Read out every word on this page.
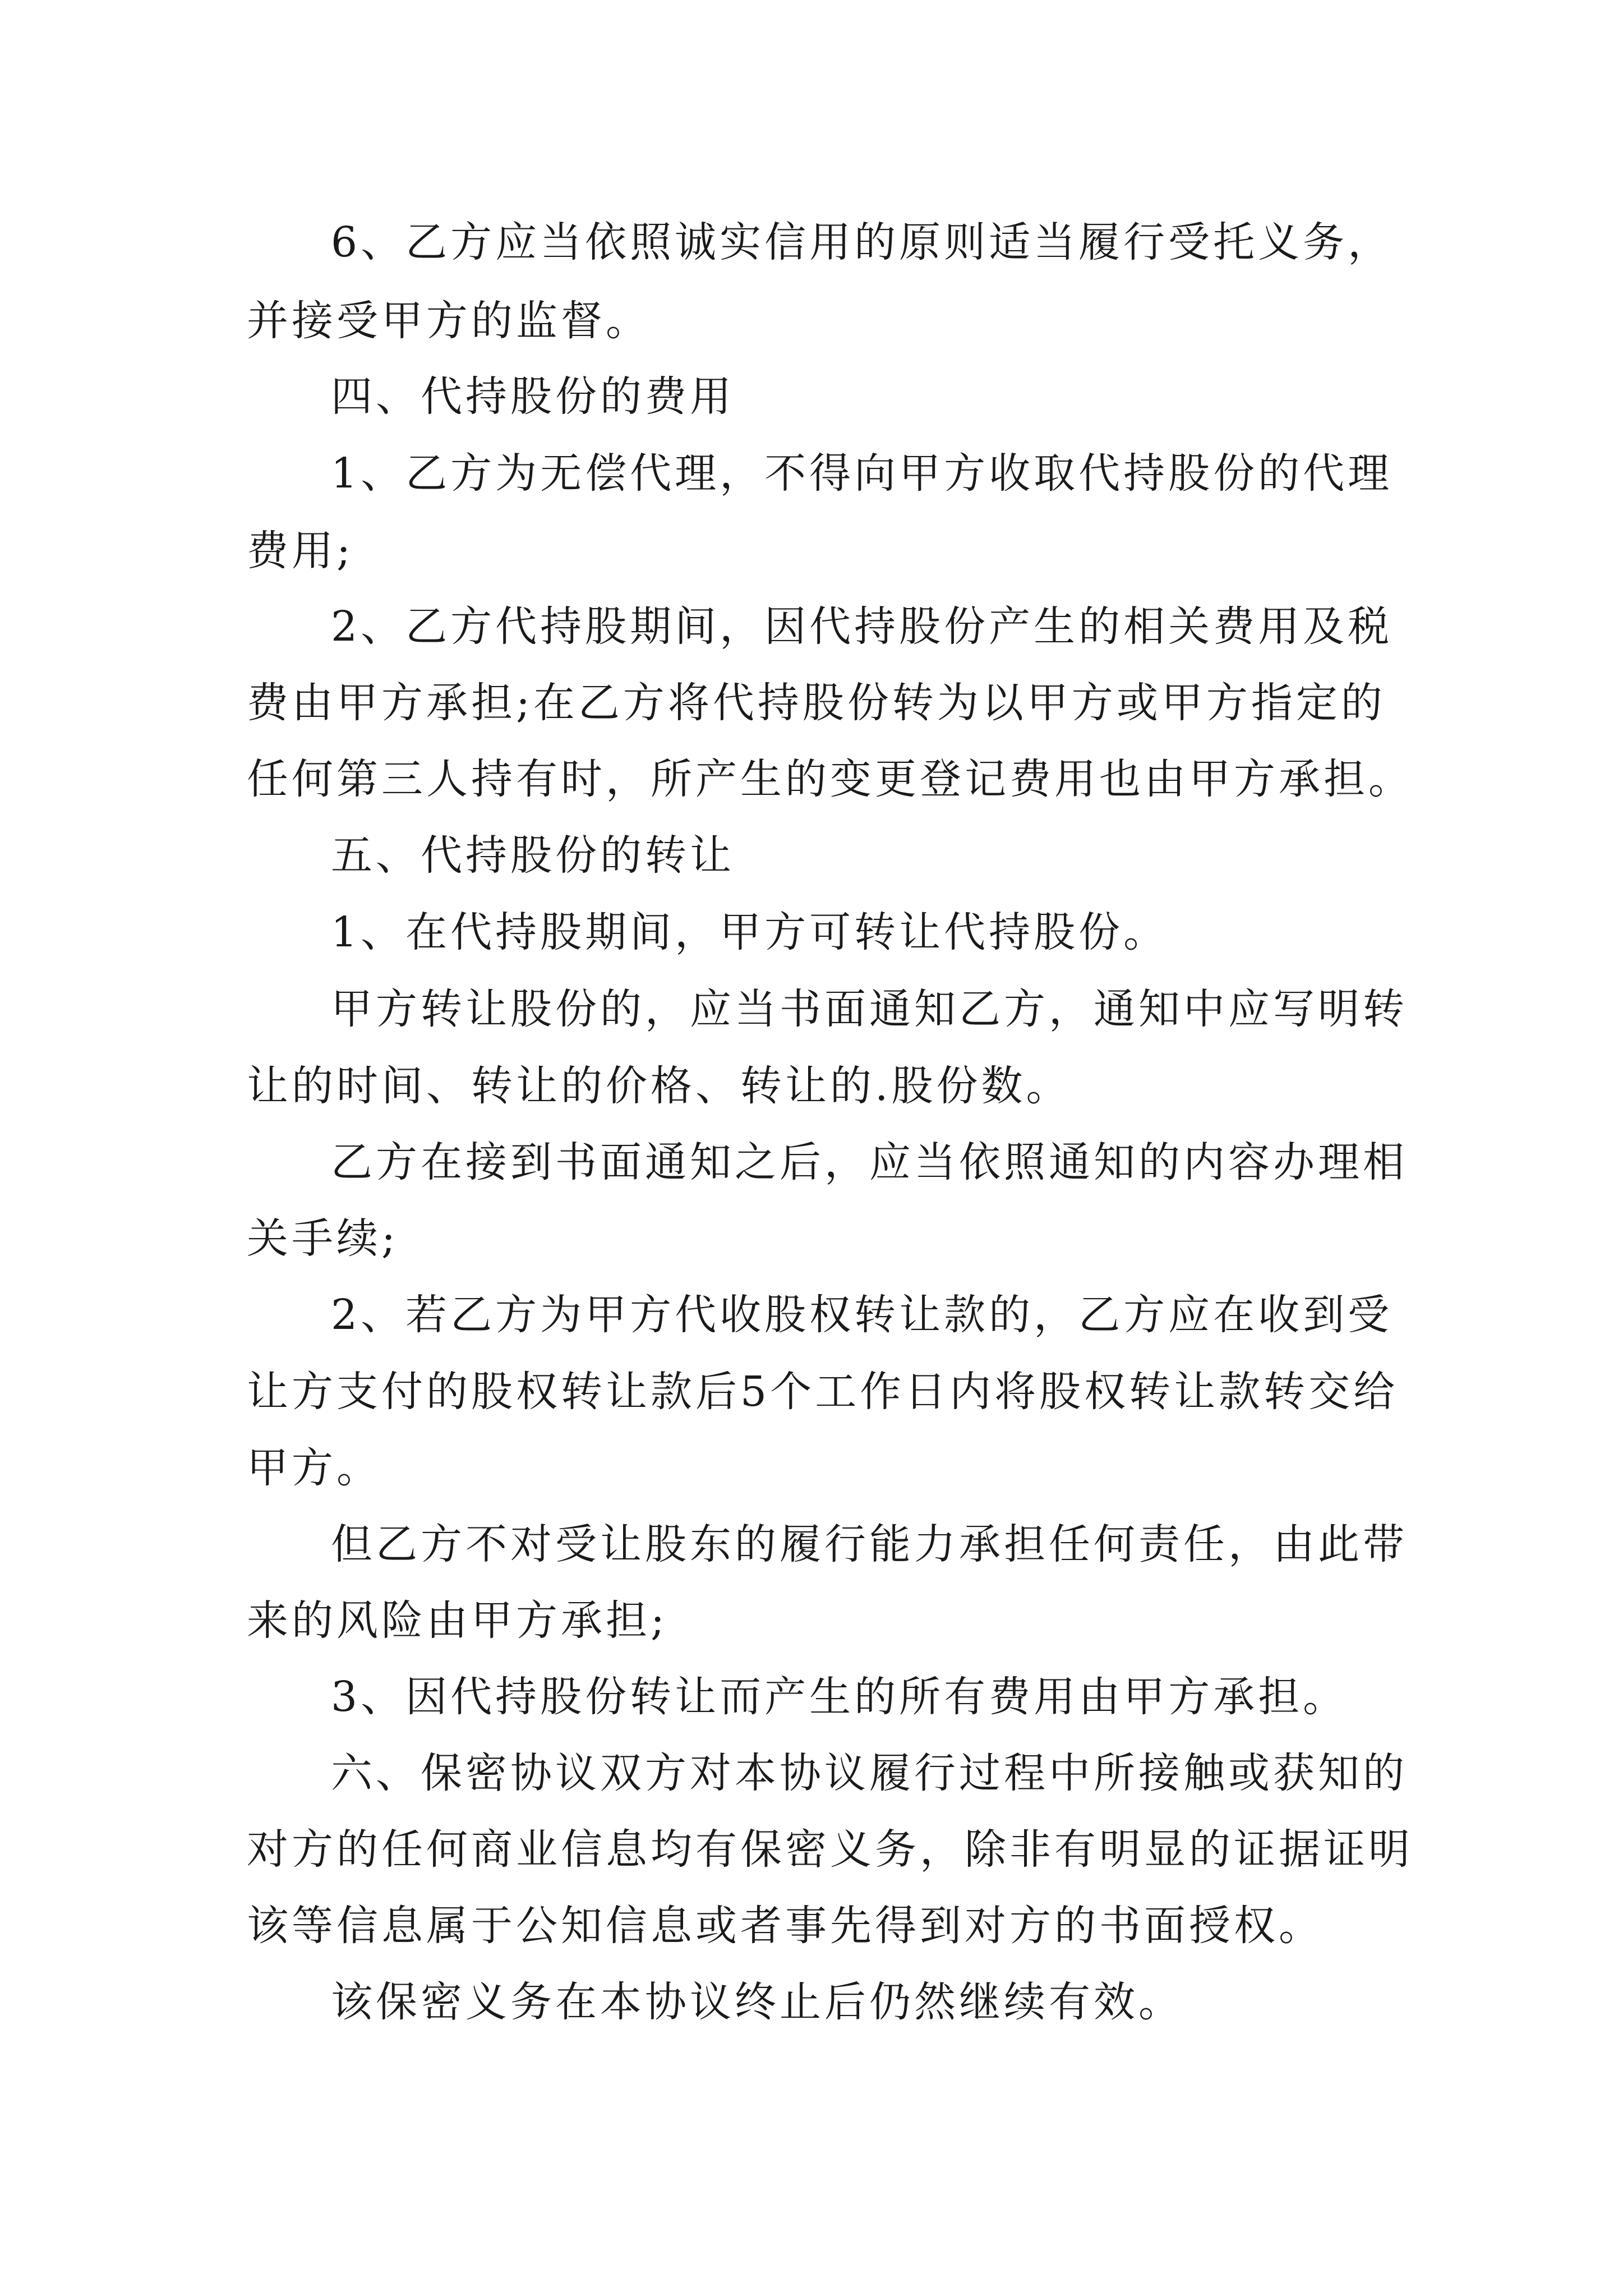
6、乙方应当依照诚实信用的原则适当履行受托义务，
并接受甲方的监督。
四、代持股份的费用
1、乙方为无偿代理，不得向甲方收取代持股份的代理
费用;
2、乙方代持股期间，因代持股份产生的相关费用及税
费由甲方承担;在乙方将代持股份转为以甲方或甲方指定的
任何第三人持有时，所产生的变更登记费用也由甲方承担。
五、代持股份的转让
1、在代持股期间，甲方可转让代持股份。
甲方转让股份的，应当书面通知乙方，通知中应写明转
让的时间、转让的价格、转让的.股份数。
乙方在接到书面通知之后，应当依照通知的内容办理相
关手续;
2、若乙方为甲方代收股权转让款的，乙方应在收到受
让方支付的股权转让款后5个工作日内将股权转让款转交给
甲方。
但乙方不对受让股东的履行能力承担任何责任，由此带
来的风险由甲方承担;
3、因代持股份转让而产生的所有费用由甲方承担。
六、保密协议双方对本协议履行过程中所接触或获知的
对方的任何商业信息均有保密义务，除非有明显的证据证明
该等信息属于公知信息或者事先得到对方的书面授权。
该保密义务在本协议终止后仍然继续有效。
